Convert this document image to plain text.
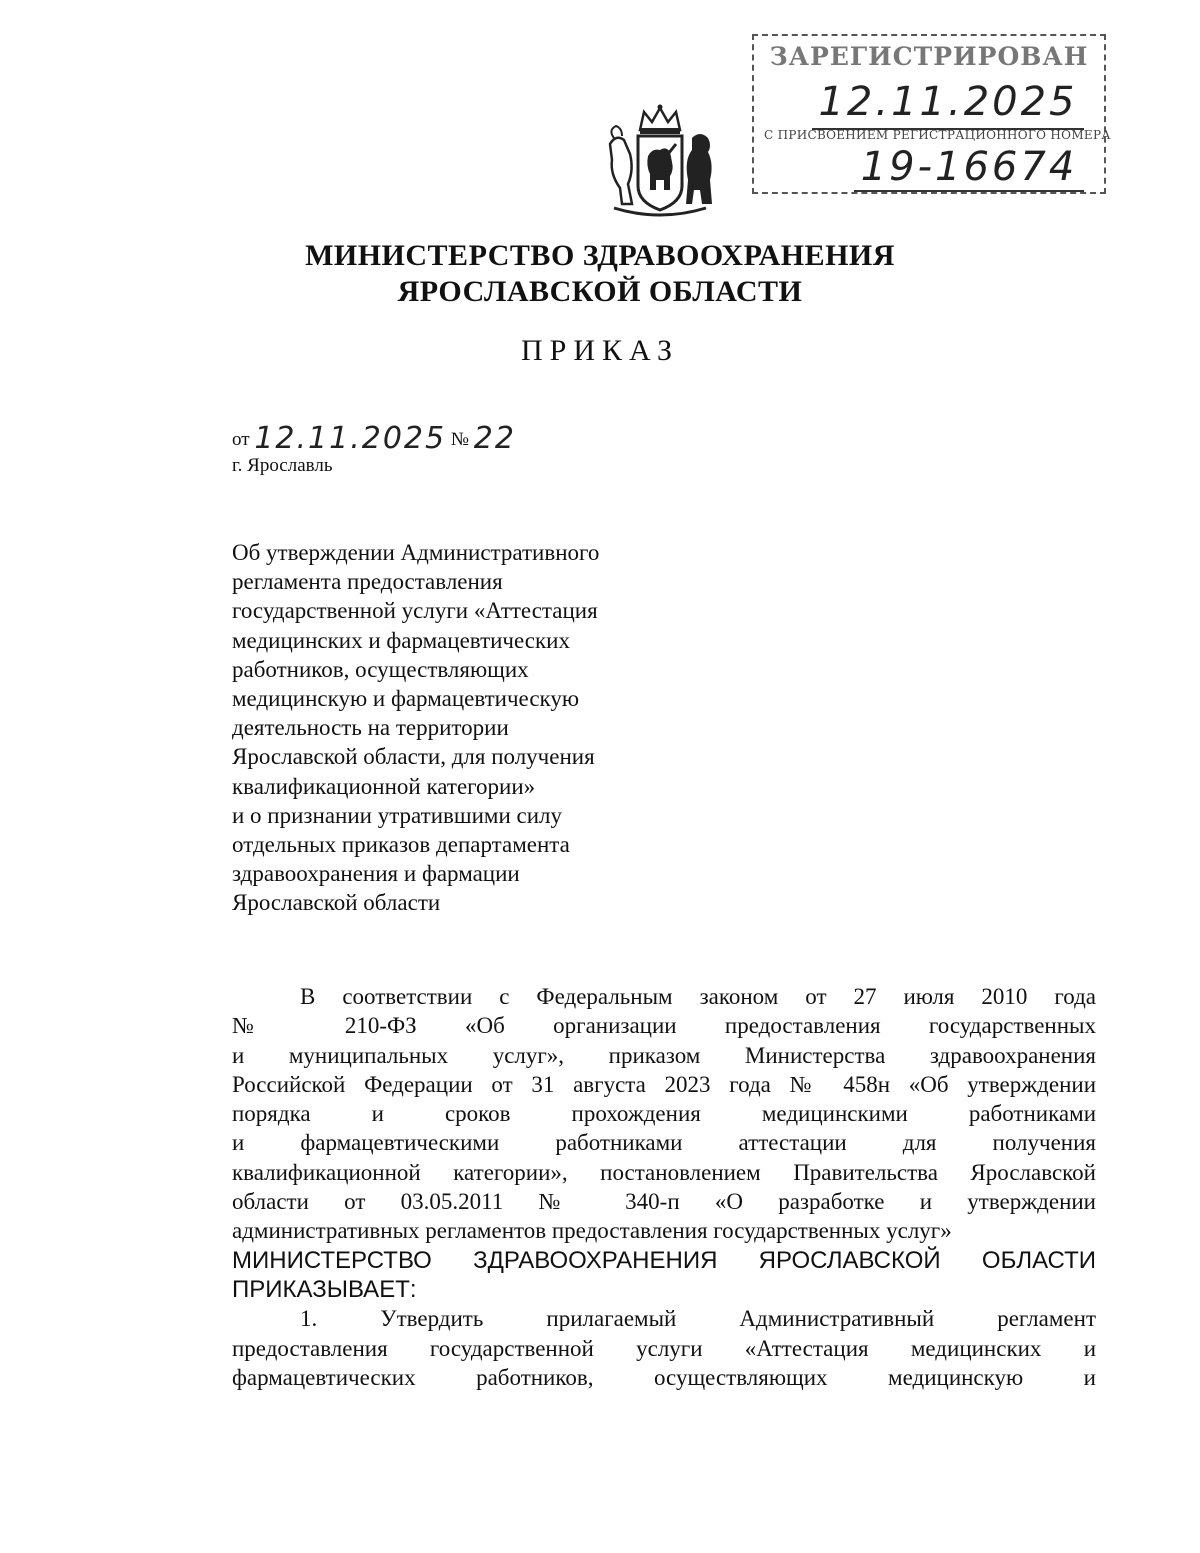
ЗАРЕГИСТРИРОВАН
12.11.2025
С ПРИСВОЕНИЕМ РЕГИСТРАЦИОННОГО НОМЕРА
19-16674
МИНИСТЕРСТВО ЗДРАВООХРАНЕНИЯ
ЯРОСЛАВСКОЙ ОБЛАСТИ
ПРИКАЗ
от 12.11.2025 № 22
г. Ярославль
Об утверждении Административного
регламента предоставления
государственной услуги «Аттестация
медицинских и фармацевтических
работников, осуществляющих
медицинскую и фармацевтическую
деятельность на территории
Ярославской области, для получения
квалификационной категории»
и о признании утратившими силу
отдельных приказов департамента
здравоохранения и фармации
Ярославской области
В соответствии с Федеральным законом от 27 июля 2010 года
№ 210-ФЗ «Об организации предоставления государственных
и муниципальных услуг», приказом Министерства здравоохранения
Российской Федерации от 31 августа 2023 года № 458н «Об утверждении
порядка и сроков прохождения медицинскими работниками
и фармацевтическими работниками аттестации для получения
квалификационной категории», постановлением Правительства Ярославской
области от 03.05.2011 № 340-п «О разработке и утверждении
административных регламентов предоставления государственных услуг»
МИНИСТЕРСТВО ЗДРАВООХРАНЕНИЯ ЯРОСЛАВСКОЙ ОБЛАСТИ
ПРИКАЗЫВАЕТ:
1. Утвердить прилагаемый Административный регламент
предоставления государственной услуги «Аттестация медицинских и
фармацевтических работников, осуществляющих медицинскую и
